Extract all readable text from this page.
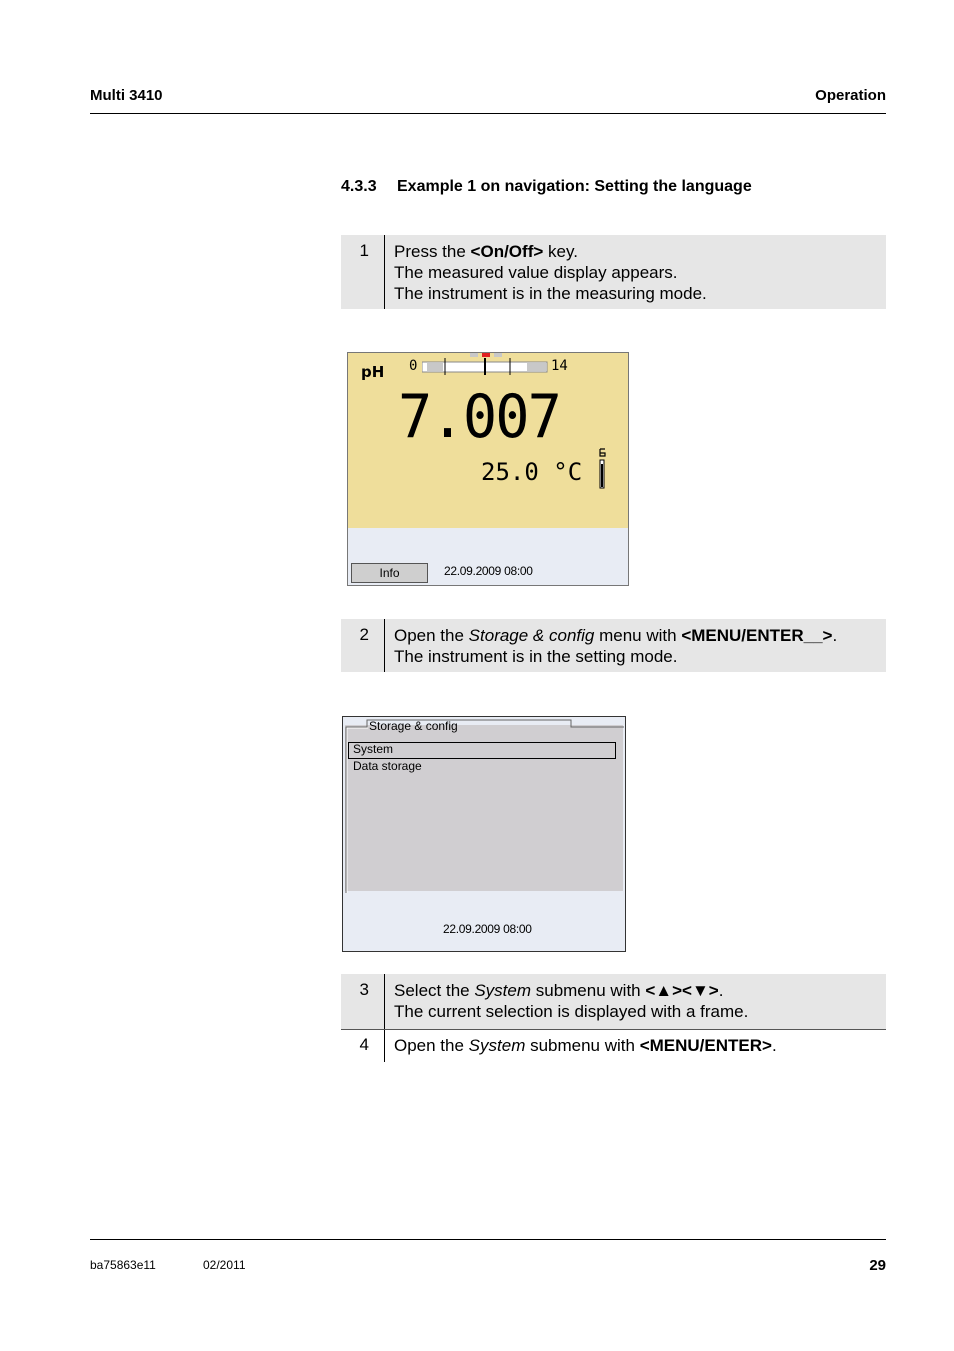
Multi 3410	Operation
4.3.3 Example 1 on navigation: Setting the language
1	Press the <On/Off> key.
The measured value display appears.
The instrument is in the measuring mode.
pH 0	14
7.007
25.0 °C
Info	22.09.2009 08:00
2	Open the Storage & config menu with <MENU/ENTER__>.
The instrument is in the setting mode.
Storage & config
System
Data storage
22.09.2009 08:00
3	Select the System submenu with <▲><▼>.
The current selection is displayed with a frame.
4	Open the System submenu with <MENU/ENTER>.
ba75863e11	02/2011	29
